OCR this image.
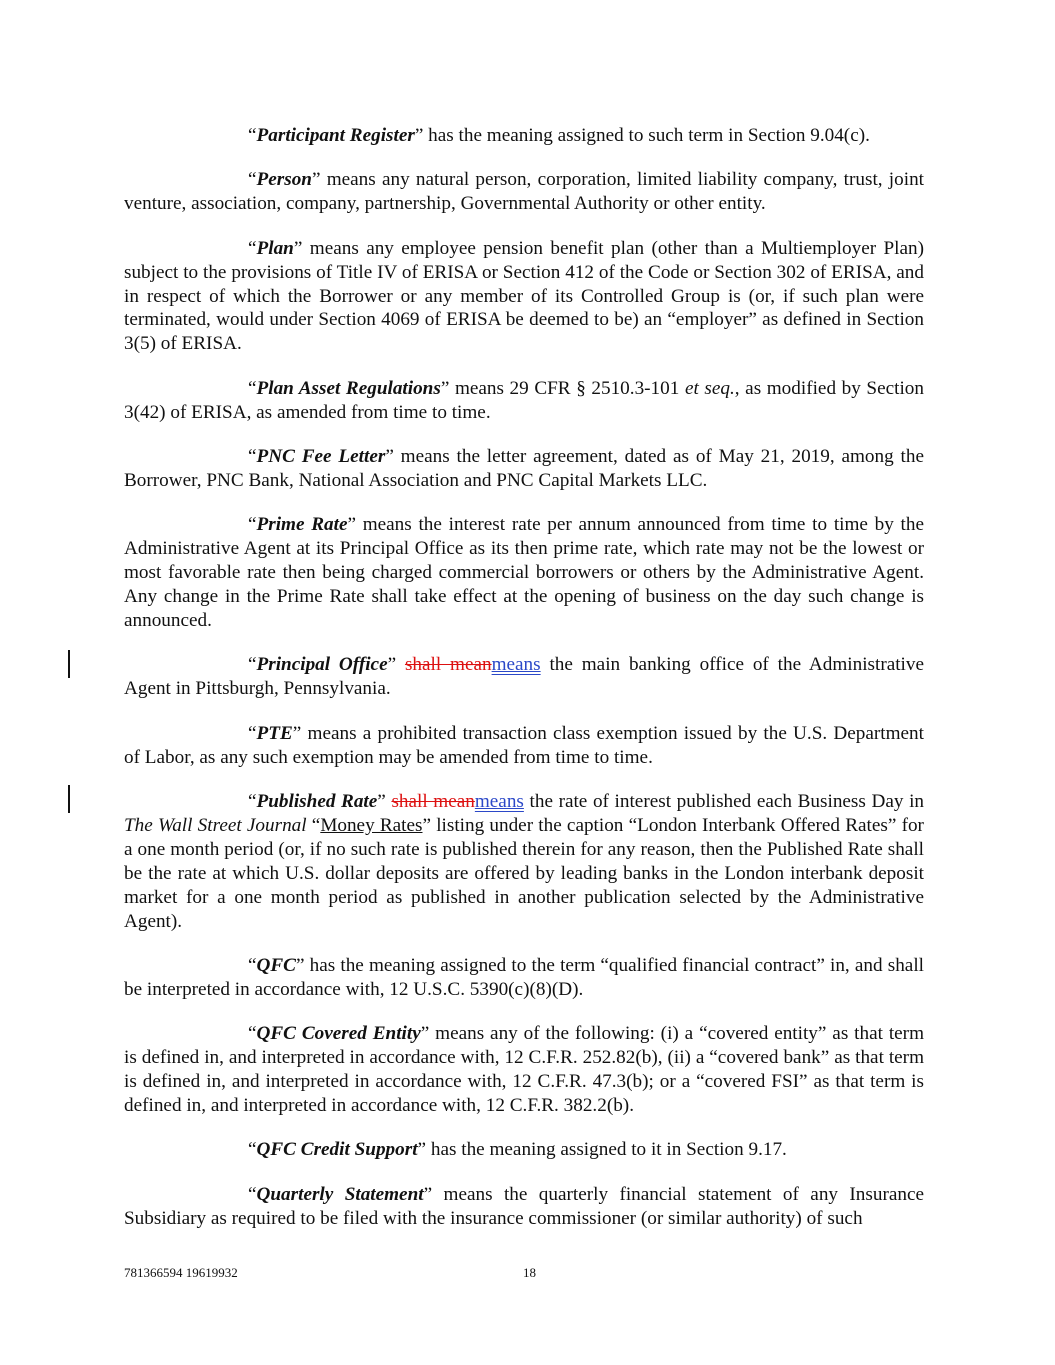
“Participant Register” has the meaning assigned to such term in Section 9.04(c).

“Person” means any natural person, corporation, limited liability company, trust, joint venture, association, company, partnership, Governmental Authority or other entity.

“Plan” means any employee pension benefit plan (other than a Multiemployer Plan) subject to the provisions of Title IV of ERISA or Section 412 of the Code or Section 302 of ERISA, and in respect of which the Borrower or any member of its Controlled Group is (or, if such plan were terminated, would under Section 4069 of ERISA be deemed to be) an “employer” as defined in Section 3(5) of ERISA.

“Plan Asset Regulations” means 29 CFR § 2510.3-101 et seq., as modified by Section 3(42) of ERISA, as amended from time to time.

“PNC Fee Letter” means the letter agreement, dated as of May 21, 2019, among the Borrower, PNC Bank, National Association and PNC Capital Markets LLC.

“Prime Rate” means the interest rate per annum announced from time to time by the Administrative Agent at its Principal Office as its then prime rate, which rate may not be the lowest or most favorable rate then being charged commercial borrowers or others by the Administrative Agent. Any change in the Prime Rate shall take effect at the opening of business on the day such change is announced.

“Principal Office” shall meanmeans the main banking office of the Administrative Agent in Pittsburgh, Pennsylvania.

“PTE” means a prohibited transaction class exemption issued by the U.S. Department of Labor, as any such exemption may be amended from time to time.

“Published Rate” shall meanmeans the rate of interest published each Business Day in The Wall Street Journal “Money Rates” listing under the caption “London Interbank Offered Rates” for a one month period (or, if no such rate is published therein for any reason, then the Published Rate shall be the rate at which U.S. dollar deposits are offered by leading banks in the London interbank deposit market for a one month period as published in another publication selected by the Administrative Agent).

“QFC” has the meaning assigned to the term “qualified financial contract” in, and shall be interpreted in accordance with, 12 U.S.C. 5390(c)(8)(D).

“QFC Covered Entity” means any of the following: (i) a “covered entity” as that term is defined in, and interpreted in accordance with, 12 C.F.R. 252.82(b), (ii) a “covered bank” as that term is defined in, and interpreted in accordance with, 12 C.F.R. 47.3(b); or a “covered FSI” as that term is defined in, and interpreted in accordance with, 12 C.F.R. 382.2(b).

“QFC Credit Support” has the meaning assigned to it in Section 9.17.

“Quarterly Statement” means the quarterly financial statement of any Insurance Subsidiary as required to be filed with the insurance commissioner (or similar authority) of such

781366594 19619932	18
